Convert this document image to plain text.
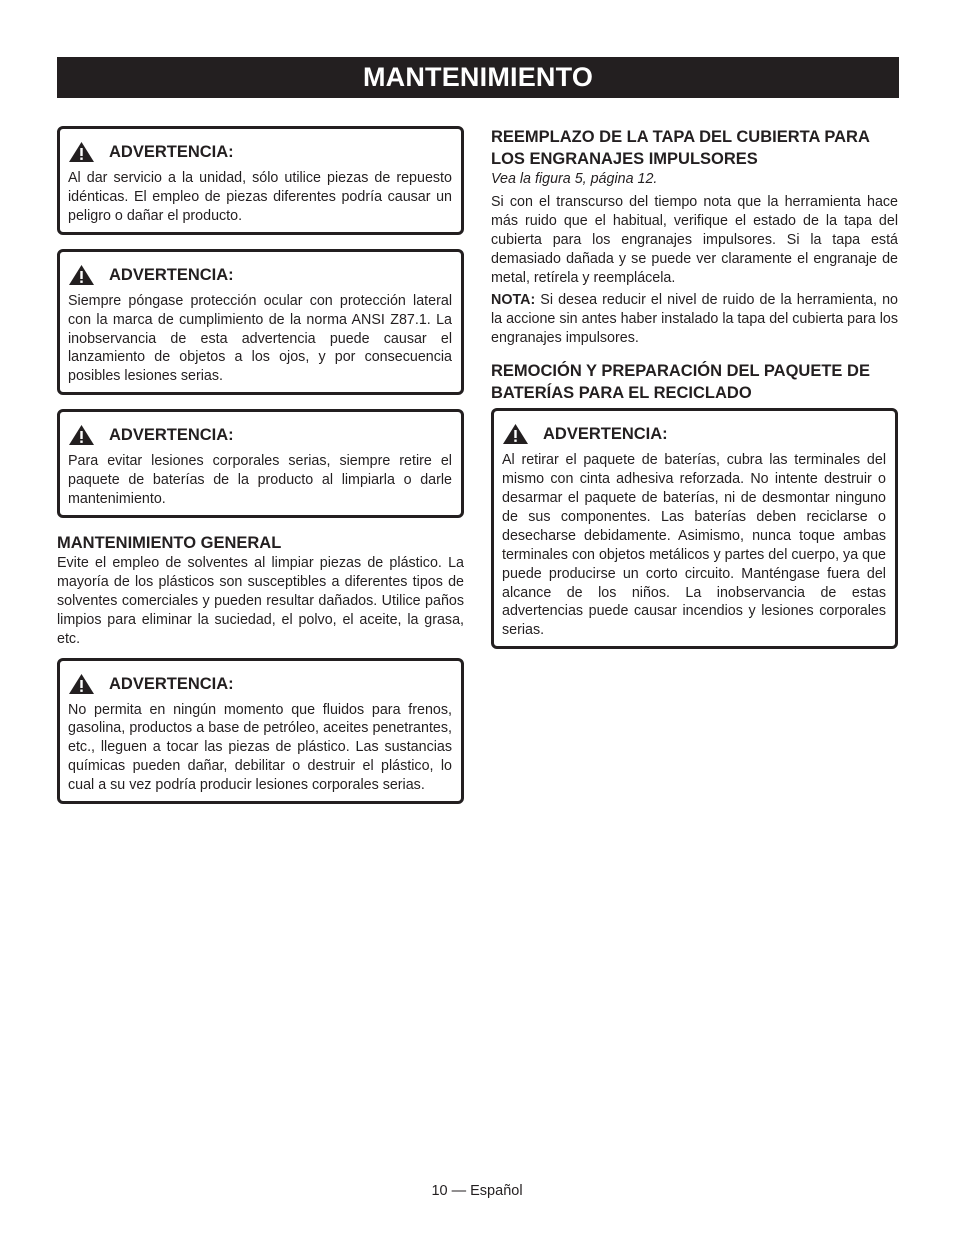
MANTENIMIENTO
ADVERTENCIA:
Al dar servicio a la unidad, sólo utilice piezas de repuesto idénticas. El empleo de piezas diferentes podría causar un peligro o dañar el producto.
ADVERTENCIA:
Siempre póngase protección ocular con protección lateral con la marca de cumplimiento de la norma ANSI Z87.1. La inobservancia de esta advertencia puede causar el lanzamiento de objetos a los ojos, y por consecuencia posibles lesiones serias.
ADVERTENCIA:
Para evitar lesiones corporales serias, siempre retire el paquete de baterías de la producto al limpiarla o darle mantenimiento.
MANTENIMIENTO GENERAL

Evite el empleo de solventes al limpiar piezas de plástico. La mayoría de los plásticos son susceptibles a diferentes tipos de solventes comerciales y pueden resultar dañados. Utilice paños limpios para eliminar la suciedad, el polvo, el aceite, la grasa, etc.

ADVERTENCIA:
No permita en ningún momento que fluidos para frenos, gasolina, productos a base de petróleo, aceites penetrantes, etc., lleguen a tocar las piezas de plástico. Las sustancias químicas pueden dañar, debilitar o destruir el plástico, lo cual a su vez podría producir lesiones corporales serias.
REEMPLAZO DE LA TAPA DEL CUBIERTA PARA LOS ENGRANAJES IMPULSORES

Vea la figura 5, página 12.

Si con el transcurso del tiempo nota que la herramienta hace más ruido que el habitual, verifique el estado de la tapa del cubierta para los engranajes impulsores. Si la tapa está demasiado dañada y se puede ver claramente el engranaje de metal, retírela y reemplácela.

NOTA: Si desea reducir el nivel de ruido de la herramienta, no la accione sin antes haber instalado la tapa del cubierta para los engranajes impulsores.

REMOCIÓN Y PREPARACIÓN DEL PAQUETE DE BATERÍAS PARA EL RECICLADO
ADVERTENCIA:
Al retirar el paquete de baterías, cubra las terminales del mismo con cinta adhesiva reforzada. No intente destruir o desarmar el paquete de baterías, ni de desmontar ninguno de sus componentes. Las baterías deben reciclarse o desecharse debidamente. Asimismo, nunca toque ambas terminales con objetos metálicos y partes del cuerpo, ya que puede producirse un corto circuito. Manténgase fuera del alcance de los niños. La inobservancia de estas advertencias puede causar incendios y lesiones corporales serias.
10 — Español
